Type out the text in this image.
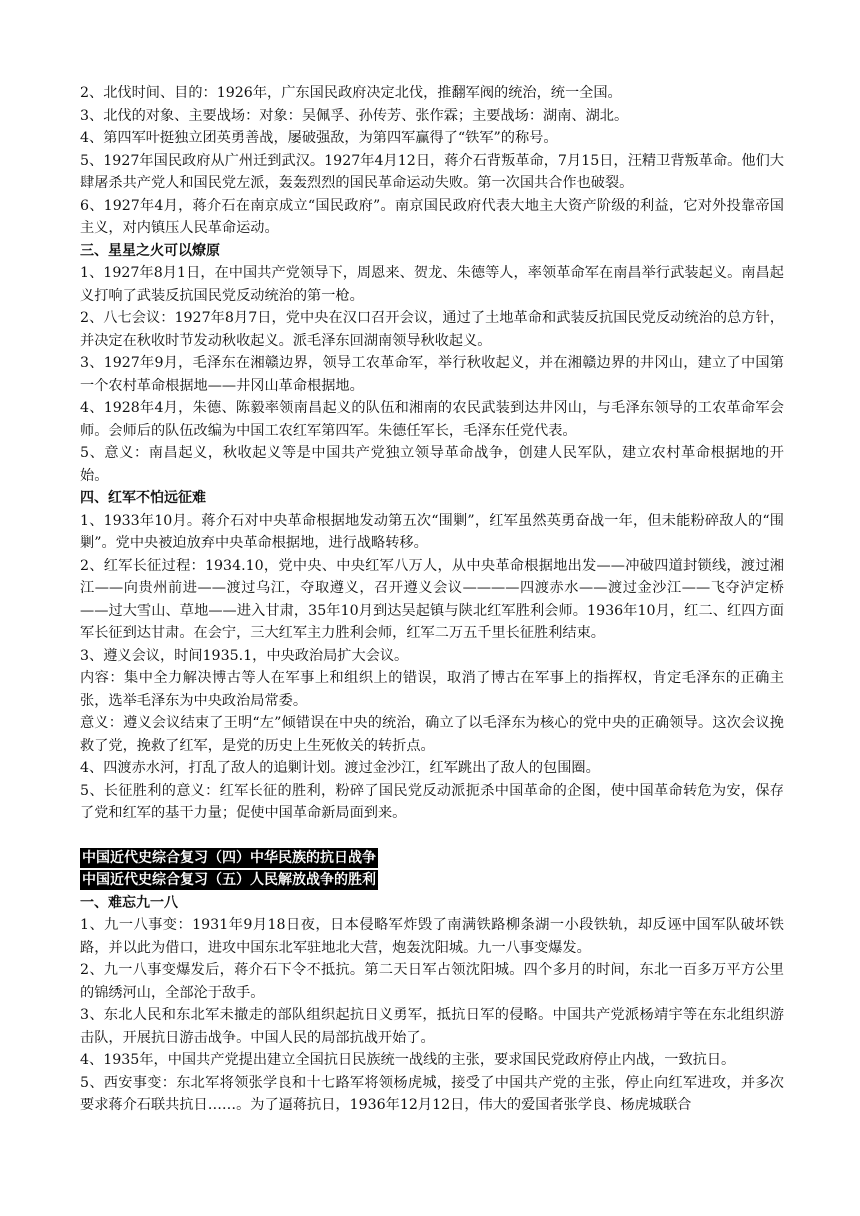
2、北伐时间、目的：1926年，广东国民政府决定北伐，推翻军阀的统治，统一全国。

3、北伐的对象、主要战场：对象：吴佩孚、孙传芳、张作霖；主要战场：湖南、湖北。

4、第四军叶挺独立团英勇善战，屡破强敌，为第四军赢得了“铁军”的称号。

5、1927年国民政府从广州迁到武汉。1927年4月12日，蒋介石背叛革命，7月15日，汪精卫背叛革命。他们大肆屠杀共产党人和国民党左派，轰轰烈烈的国民革命运动失败。第一次国共合作也破裂。

6、1927年4月，蒋介石在南京成立“国民政府”。南京国民政府代表大地主大资产阶级的利益，它对外投靠帝国主义，对内镇压人民革命运动。

三、星星之火可以燎原

1、1927年8月1日，在中国共产党领导下，周恩来、贺龙、朱德等人，率领革命军在南昌举行武装起义。南昌起义打响了武装反抗国民党反动统治的第一枪。

2、八七会议：1927年8月7日，党中央在汉口召开会议，通过了土地革命和武装反抗国民党反动统治的总方针，并决定在秋收时节发动秋收起义。派毛泽东回湖南领导秋收起义。

3、1927年9月，毛泽东在湘赣边界，领导工农革命军，举行秋收起义，并在湘赣边界的井冈山，建立了中国第一个农村革命根据地——井冈山革命根据地。

4、1928年4月，朱德、陈毅率领南昌起义的队伍和湘南的农民武装到达井冈山，与毛泽东领导的工农革命军会师。会师后的队伍改编为中国工农红军第四军。朱德任军长，毛泽东任党代表。

5、意义：南昌起义，秋收起义等是中国共产党独立领导革命战争，创建人民军队，建立农村革命根据地的开始。

四、红军不怕远征难

1、1933年10月。蒋介石对中央革命根据地发动第五次“围剿”，红军虽然英勇奋战一年，但未能粉碎敌人的“围剿”。党中央被迫放弃中央革命根据地，进行战略转移。

2、红军长征过程：1934.10，党中央、中央红军八万人，从中央革命根据地出发——冲破四道封锁线，渡过湘江——向贵州前进——渡过乌江，夺取遵义，召开遵义会议————四渡赤水——渡过金沙江——飞夺泸定桥——过大雪山、草地——进入甘肃，35年10月到达吴起镇与陕北红军胜利会师。1936年10月，红二、红四方面军长征到达甘肃。在会宁，三大红军主力胜利会师，红军二万五千里长征胜利结束。

3、遵义会议，时间1935.1，中央政治局扩大会议。

内容：集中全力解决博古等人在军事上和组织上的错误，取消了博古在军事上的指挥权，肯定毛泽东的正确主张，选举毛泽东为中央政治局常委。

意义：遵义会议结束了王明“左”倾错误在中央的统治，确立了以毛泽东为核心的党中央的正确领导。这次会议挽救了党，挽救了红军，是党的历史上生死攸关的转折点。

4、四渡赤水河，打乱了敌人的追剿计划。渡过金沙江，红军跳出了敌人的包围圈。

5、长征胜利的意义：红军长征的胜利，粉碎了国民党反动派扼杀中国革命的企图，使中国革命转危为安，保存了党和红军的基干力量；促使中国革命新局面到来。

中国近代史综合复习（四）中华民族的抗日战争
中国近代史综合复习（五）人民解放战争的胜利

一、难忘九一八

1、九一八事变：1931年9月18日夜，日本侵略军炸毁了南满铁路柳条湖一小段铁轨，却反诬中国军队破坏铁路，并以此为借口，进攻中国东北军驻地北大营，炮轰沈阳城。九一八事变爆发。

2、九一八事变爆发后，蒋介石下令不抵抗。第二天日军占领沈阳城。四个多月的时间，东北一百多万平方公里的锦绣河山，全部沦于敌手。

3、东北人民和东北军未撤走的部队组织起抗日义勇军，抵抗日军的侵略。中国共产党派杨靖宇等在东北组织游击队，开展抗日游击战争。中国人民的局部抗战开始了。

4、1935年，中国共产党提出建立全国抗日民族统一战线的主张，要求国民党政府停止内战，一致抗日。

5、西安事变：东北军将领张学良和十七路军将领杨虎城，接受了中国共产党的主张，停止向红军进攻，并多次要求蒋介石联共抗日……。为了逼蒋抗日，1936年12月12日，伟大的爱国者张学良、杨虎城联合
